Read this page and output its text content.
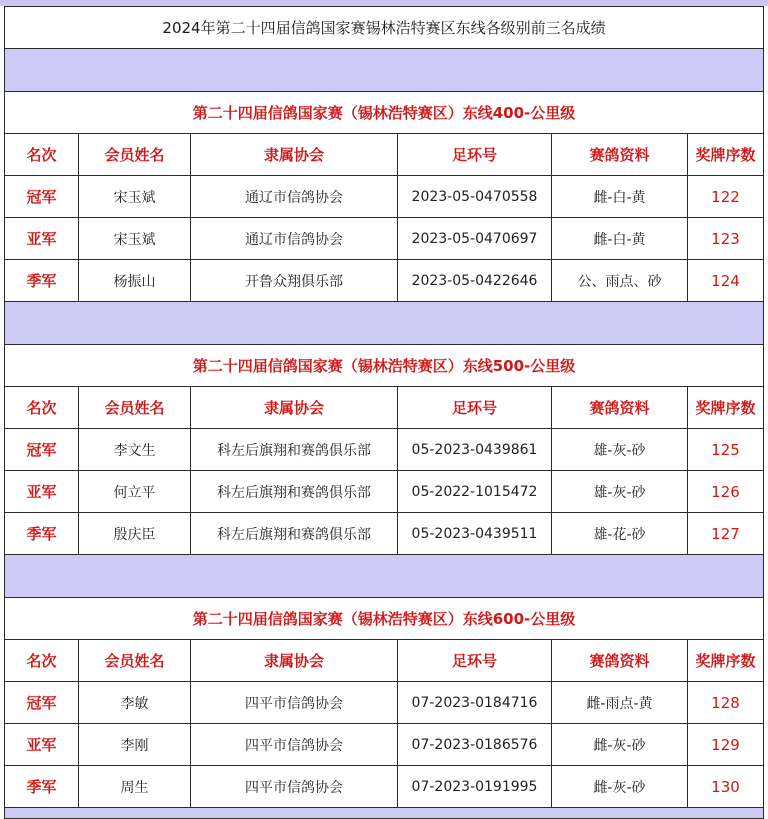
2024年第二十四届信鸽国家赛锡林浩特赛区东线各级别前三名成绩					

第二十四届信鸽国家赛（锡林浩特赛区）东线400-公里级					
名次	会员姓名	隶属协会	足环号	赛鸽资料	奖牌序数
冠军	宋玉斌	通辽市信鸽协会	2023-05-0470558	雌-白-黄	122
亚军	宋玉斌	通辽市信鸽协会	2023-05-0470697	雌-白-黄	123
季军	杨振山	开鲁众翔俱乐部	2023-05-0422646	公、雨点、砂	124

第二十四届信鸽国家赛（锡林浩特赛区）东线500-公里级					
名次	会员姓名	隶属协会	足环号	赛鸽资料	奖牌序数
冠军	李文生	科左后旗翔和赛鸽俱乐部	05-2023-0439861	雄-灰-砂	125
亚军	何立平	科左后旗翔和赛鸽俱乐部	05-2022-1015472	雄-灰-砂	126
季军	殷庆臣	科左后旗翔和赛鸽俱乐部	05-2023-0439511	雄-花-砂	127

第二十四届信鸽国家赛（锡林浩特赛区）东线600-公里级					
名次	会员姓名	隶属协会	足环号	赛鸽资料	奖牌序数
冠军	李敏	四平市信鸽协会	07-2023-0184716	雌-雨点-黄	128
亚军	李刚	四平市信鸽协会	07-2023-0186576	雌-灰-砂	129
季军	周生	四平市信鸽协会	07-2023-0191995	雌-灰-砂	130
